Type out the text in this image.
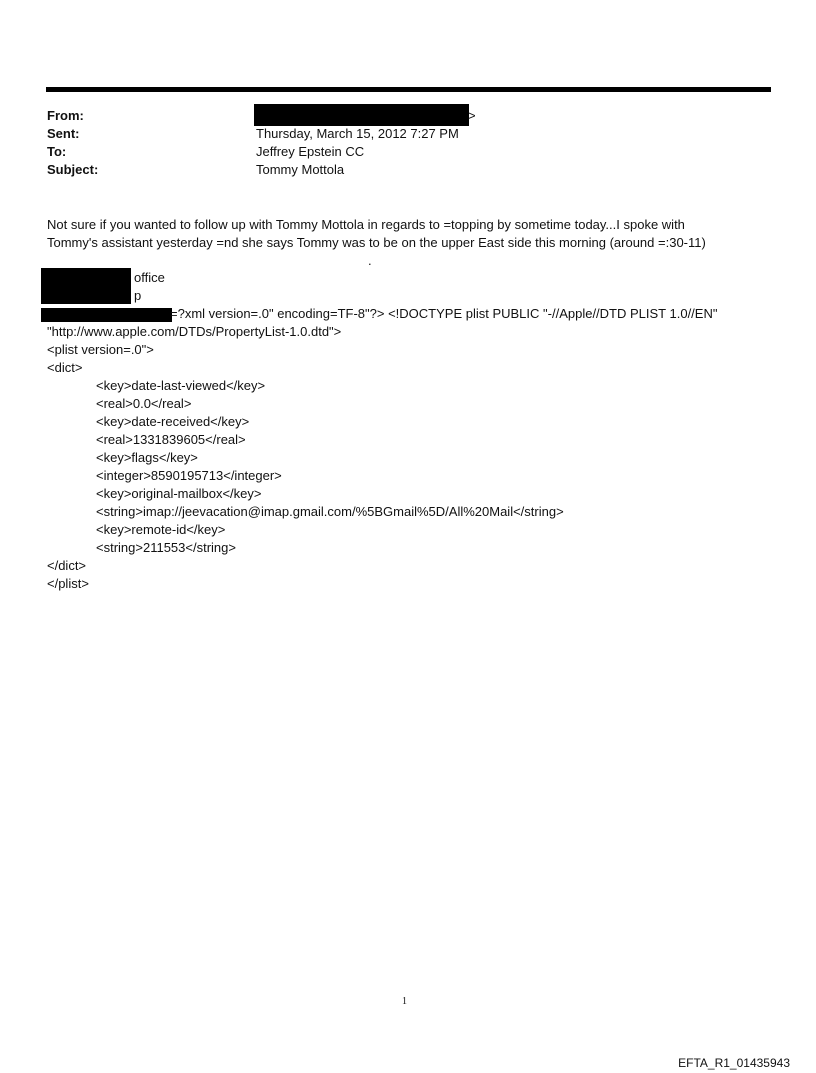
From:	>
Sent:	Thursday, March 15, 2012 7:27 PM
To:	Jeffrey Epstein CC
Subject:	Tommy Mottola

Not sure if you wanted to follow up with Tommy Mottola in regards to =topping by sometime today...I spoke with

Tommy's assistant yesterday =nd she says Tommy was to be on the upper East side this morning (around =:30-11)

.
office
p
=?xml version=.0" encoding=TF-8"?> <!DOCTYPE plist PUBLIC "-//Apple//DTD PLIST 1.0//EN"
"http://www.apple.com/DTDs/PropertyList-1.0.dtd">
<plist version=.0">
<dict>
<key>date-last-viewed</key>
<real>0.0</real>
<key>date-received</key>
<real>1331839605</real>
<key>flags</key>
<integer>8590195713</integer>
<key>original-mailbox</key>
<string>imap://jeevacation@imap.gmail.com/%5BGmail%5D/All%20Mail</string>
<key>remote-id</key>
<string>211553</string>
</dict>
</plist>
1
EFTA_R1_01435943
